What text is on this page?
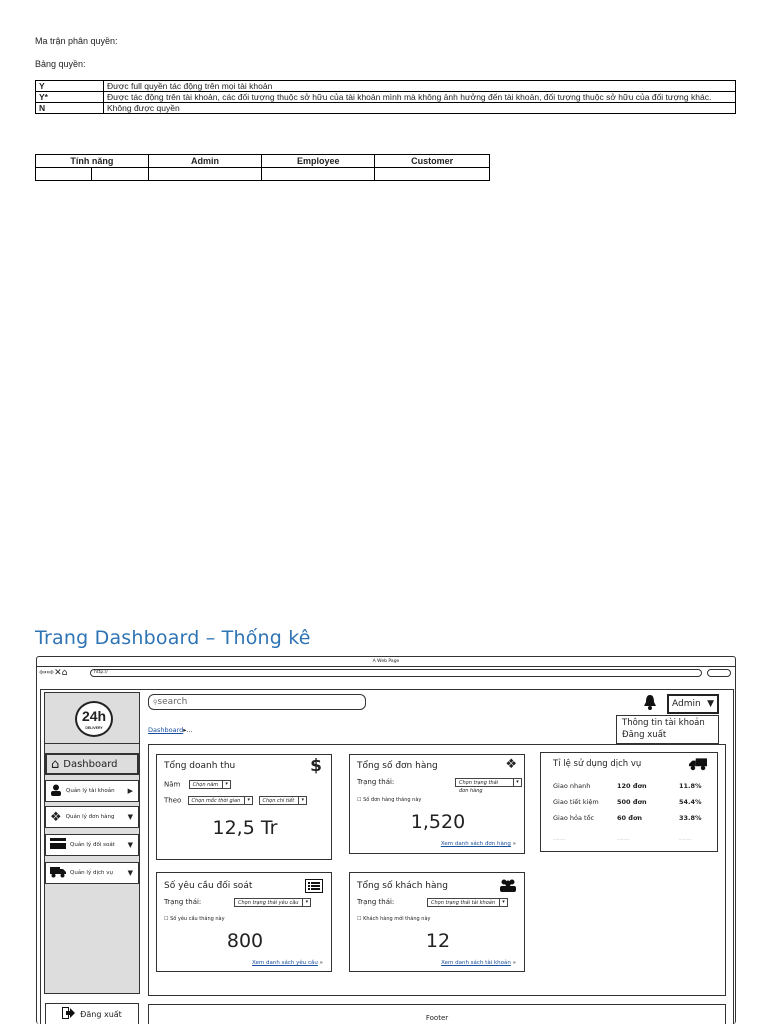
Ma trận phân quyền:
Bảng quyền:
Y	Được full quyền tác động trên mọi tài khoản
Y*	Được tác động trên tài khoản, các đối tượng thuộc sở hữu của tài khoản mình mà không ảnh hưởng đến tài khoản, đối tượng thuộc sở hữu của đối tượng khác.
N	Không được quyền
Tính năng		Admin	Employee	Customer

Trang Dashboard – Thống kê
A Web Page
⇦⇨✕⌂	http://
24h
DELIVERY
⌂ Dashboard
Quản lý tài khoản ▶
❖ Quản lý đơn hàng ▼
Quản lý đối soát ▼
Quản lý dịch vụ ▼
Đăng xuất
⚲search
Dashboard▸...
Admin ▼
Thông tin tài khoản
Đăng xuất
Tổng doanh thu	$
Năm Chọn năm	▾
Theo Chọn mốc thời gian	▾	Chọn chi tiết	▾
12,5 Tr
Tổng số đơn hàng	❖
Trạng thái:	Chọn trạng thái đơn hàng
▾
☐ Số đơn hàng tháng này
1,520
Xem danh sách đơn hàng »
Tỉ lệ sử dụng dịch vụ
Giao nhanh	120 đơn	11.8%
Giao tiết kiệm	500 đơn	54.4%
Giao hỏa tốc	60 đơn	33.8%
..........	..........	..........
Số yêu cầu đối soát
Trạng thái:	Chọn trạng thái yêu cầu	▾
☐ Số yêu cầu tháng này
800
Xem danh sách yêu cầu »
Tổng số khách hàng
Trạng thái:	Chọn trạng thái tài khoản	▾
☐ Khách hàng mới tháng này
12
Xem danh sách tài khoản »
Footer
